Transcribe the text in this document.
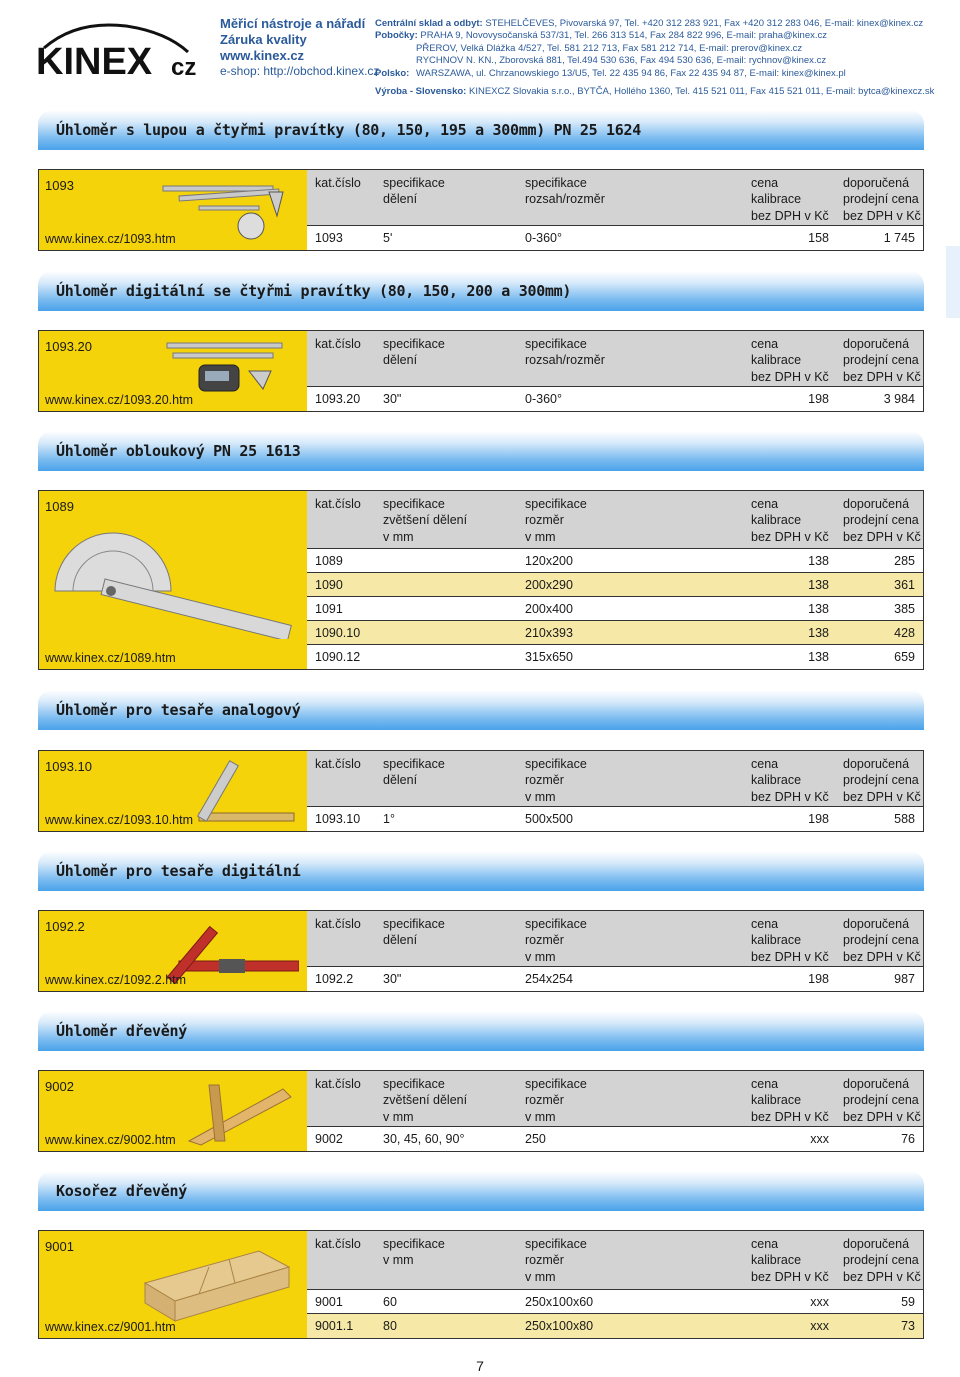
KINEX cz
Měřicí nástroje a nářadí
Záruka kvality
www.kinex.cz
e-shop: http://obchod.kinex.cz
Centrální sklad a odbyt: STEHELČEVES, Pivovarská 97, Tel. +420 312 283 921, Fax +420 312 283 046, E-mail: kinex@kinex.cz
Pobočky: PRAHA 9, Novovysočanská 537/31, Tel. 266 313 514, Fax 284 822 996, E-mail: praha@kinex.cz
PŘEROV, Velká Dlážka 4/527, Tel. 581 212 713, Fax 581 212 714, E-mail: prerov@kinex.cz
RYCHNOV N. KN., Zborovská 881, Tel.494 530 636, Fax 494 530 636, E-mail: rychnov@kinex.cz
Polsko: WARSZAWA, ul. Chrzanowskiego 13/U5, Tel. 22 435 94 86, Fax 22 435 94 87, E-mail: kinex@kinex.pl
Výroba - Slovensko: KINEXCZ Slovakia s.r.o., BYTČA, Hollého 1360, Tel. 415 521 011, Fax 415 521 011, E-mail: bytca@kinexcz.sk
Úhloměr s lupou a čtyřmi pravítky (80, 150, 195 a 300mm) PN 25 1624
1093
www.kinex.cz/1093.htm
kat.číslo specifikace
dělení
specifikace
rozsah/rozměr
cena
kalibrace
bez DPH v Kč
doporučená
prodejní cena
bez DPH v Kč
1093	5ʹ	0-360°	158	1 745
Úhloměr digitální se čtyřmi pravítky (80, 150, 200 a 300mm)
1093.20
www.kinex.cz/1093.20.htm
kat.číslo specifikace
dělení
specifikace
rozsah/rozměr
cena
kalibrace
bez DPH v Kč
doporučená
prodejní cena
bez DPH v Kč
1093.20 30"	0-360°	198	3 984
Úhloměr obloukový PN 25 1613
1089
www.kinex.cz/1089.htm
kat.číslo specifikace
zvětšení dělení
v mm
specifikace
rozměr
v mm
cena
kalibrace
bez DPH v Kč
doporučená
prodejní cena
bez DPH v Kč
1089	120x200	138	285
1090	200x290	138	361
1091	200x400	138	385
1090.10	210x393	138	428
1090.12	315x650	138	659
Úhloměr pro tesaře analogový
1093.10
www.kinex.cz/1093.10.htm
kat.číslo specifikace
dělení
specifikace
rozměr
v mm
cena
kalibrace
bez DPH v Kč
doporučená
prodejní cena
bez DPH v Kč
1093.10 1°	500x500	198	588
Úhloměr pro tesaře digitální
1092.2
www.kinex.cz/1092.2.htm
kat.číslo specifikace
dělení
specifikace
rozměr
v mm
cena
kalibrace
bez DPH v Kč
doporučená
prodejní cena
bez DPH v Kč
1092.2 30"	254x254	198	987
Úhloměr dřevěný
9002
www.kinex.cz/9002.htm
kat.číslo specifikace
zvětšení dělení
v mm
specifikace
rozměr
v mm
cena
kalibrace
bez DPH v Kč
doporučená
prodejní cena
bez DPH v Kč
9002	30, 45, 60, 90°	250	xxx	76
Kosořez dřevěný
9001
www.kinex.cz/9001.htm
kat.číslo specifikace
v mm
specifikace
rozměr
v mm
cena
kalibrace
bez DPH v Kč
doporučená
prodejní cena
bez DPH v Kč
9001	60	250x100x60	xxx	59
9001.1 80	250x100x80	xxx	73
7
